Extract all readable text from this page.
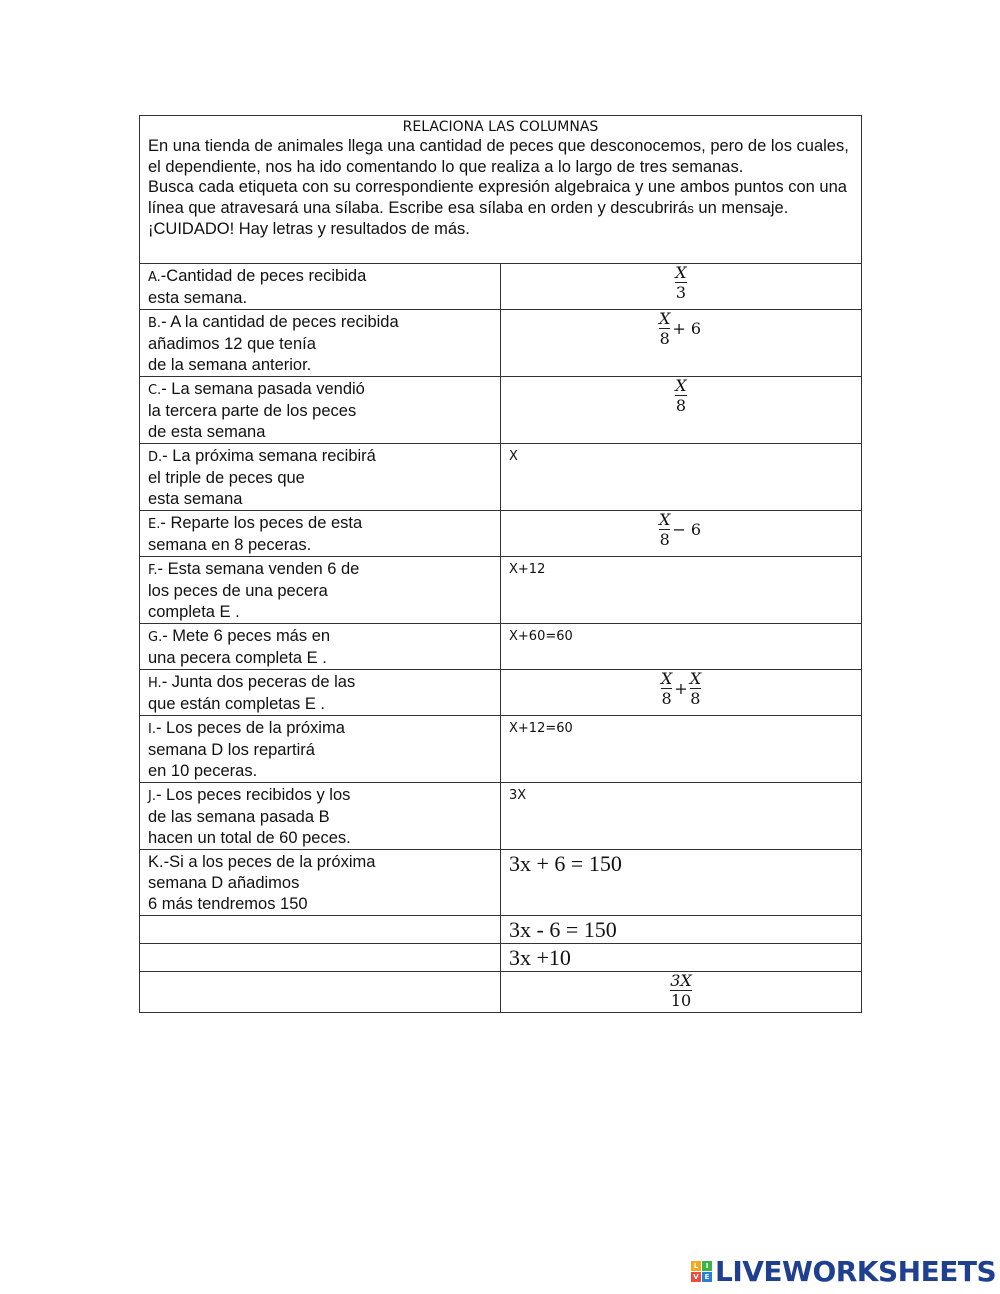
RELACIONA LAS COLUMNAS

En una tienda de animales llega una cantidad de peces que desconocemos, pero de los cuales, el dependiente, nos ha ido comentando lo que realiza a lo largo de tres semanas.

Busca cada etiqueta con su correspondiente expresión algebraica y une ambos puntos con una línea que atravesará una sílaba. Escribe esa sílaba en orden y descubrirás un mensaje. ¡CUIDADO! Hay letras y resultados de más.	

A.-Cantidad de peces recibida
esta semana.	$\frac{X}{3}$

B.- A la cantidad de peces recibida
añadimos 12 que tenía
de la semana anterior.	$\frac{X}{8} + 6$

C.- La semana pasada vendió
la tercera parte de los peces
de esta semana	$\frac{X}{8}$

D.- La próxima semana recibirá
el triple de peces que
esta semana	X

E.- Reparte los peces de esta
semana en 8 peceras.	$\frac{X}{8} - 6$

F.- Esta semana venden 6 de
los peces de una pecera
completa E .	X+12

G.- Mete 6 peces más en
una pecera completa E .	X+60=60

H.- Junta dos peceras de las
que están completas E .	$\frac{X}{8} + \frac{X}{8}$

I.- Los peces de la próxima
semana D los repartirá
en 10 peceras.	X+12=60

J.- Los peces recibidos y los
de las semana pasada B
hacen un total de 60 peces.	3X

K.-Si a los peces de la próxima
semana D añadimos
6 más tendremos 150	3x + 6 = 150

	3x - 6 = 150

	3x +10

	$\frac{3X}{10}$
L	I
V E LIVEWORKSHEETS
